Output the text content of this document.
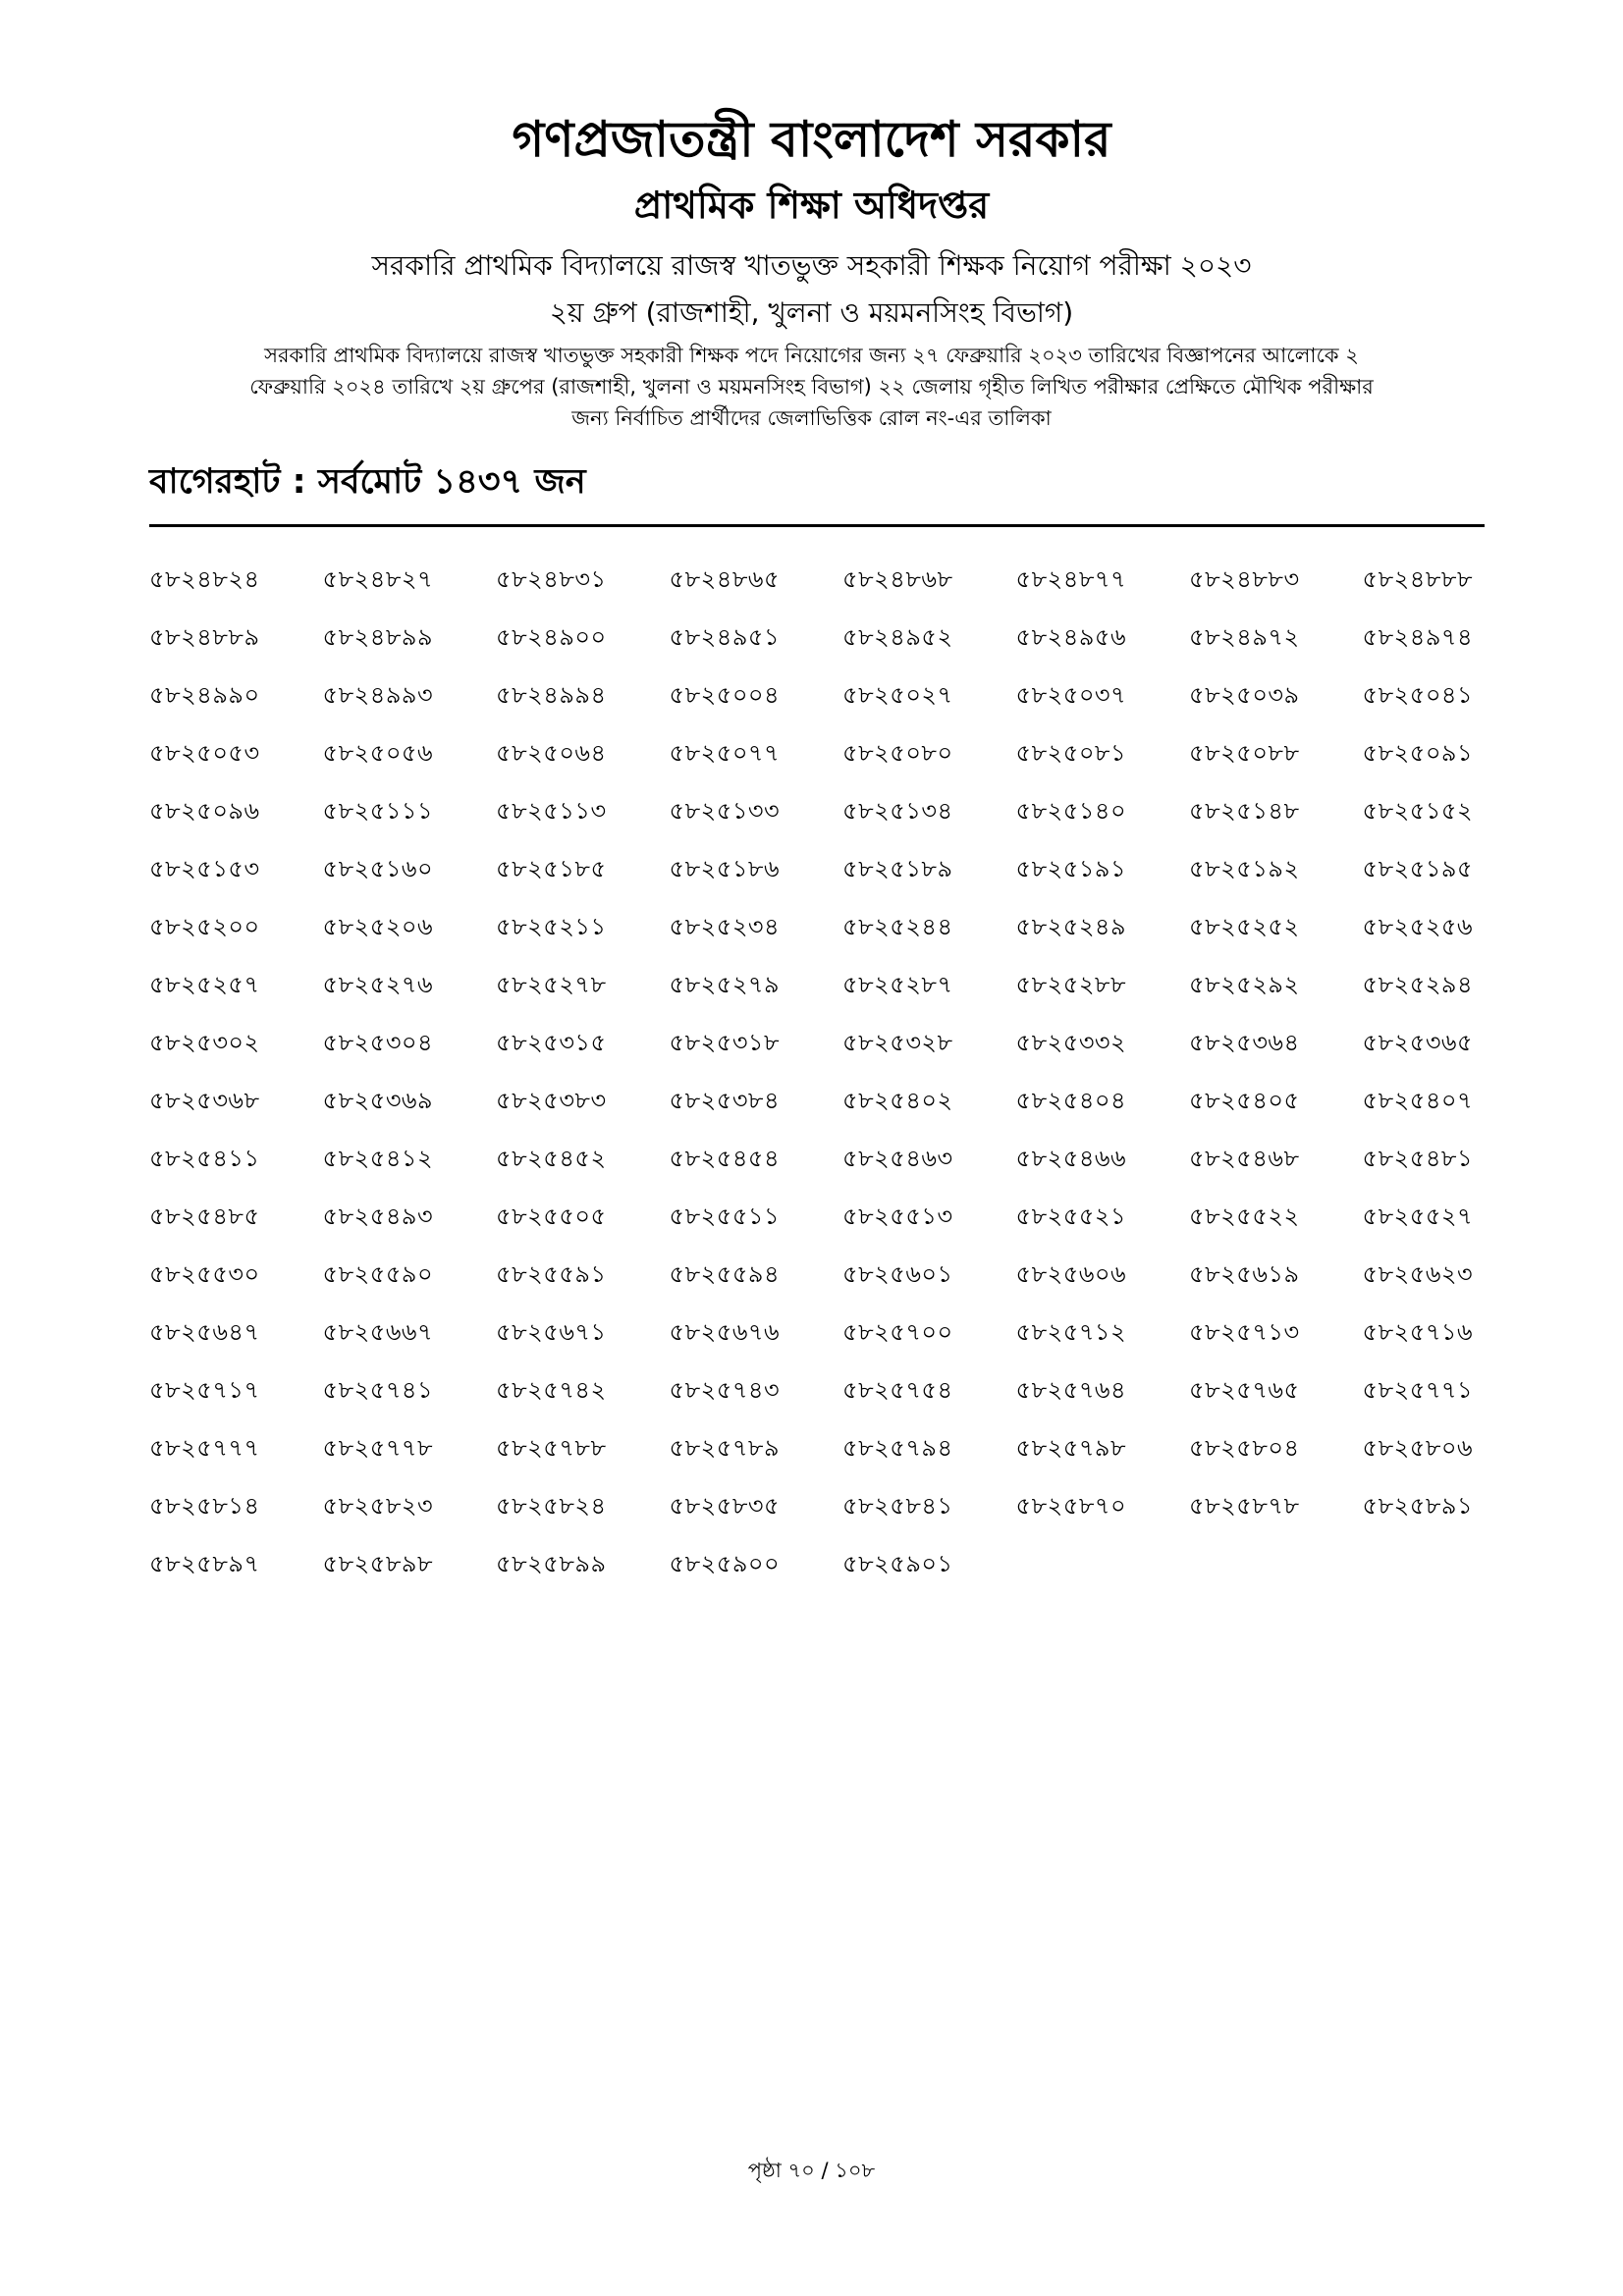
গণপ্রজাতন্ত্রী বাংলাদেশ সরকার
প্রাথমিক শিক্ষা অধিদপ্তর
সরকারি প্রাথমিক বিদ্যালয়ে রাজস্ব খাতভুক্ত সহকারী শিক্ষক নিয়োগ পরীক্ষা ২০২৩
২য় গ্রুপ (রাজশাহী, খুলনা ও ময়মনসিংহ বিভাগ)
সরকারি প্রাথমিক বিদ্যালয়ে রাজস্ব খাতভুক্ত সহকারী শিক্ষক পদে নিয়োগের জন্য ২৭ ফেব্রুয়ারি ২০২৩ তারিখের বিজ্ঞাপনের আলোকে ২
ফেব্রুয়ারি ২০২৪ তারিখে ২য় গ্রুপের (রাজশাহী, খুলনা ও ময়মনসিংহ বিভাগ) ২২ জেলায় গৃহীত লিখিত পরীক্ষার প্রেক্ষিতে মৌখিক পরীক্ষার
জন্য নির্বাচিত প্রার্থীদের জেলাভিত্তিক রোল নং-এর তালিকা
বাগেরহাট : সর্বমোট ১৪৩৭ জন
৫৮২৪৮২৪	৫৮২৪৮২৭	৫৮২৪৮৩১	৫৮২৪৮৬৫	৫৮২৪৮৬৮	৫৮২৪৮৭৭	৫৮২৪৮৮৩	৫৮২৪৮৮৮
৫৮২৪৮৮৯	৫৮২৪৮৯৯	৫৮২৪৯০০	৫৮২৪৯৫১	৫৮২৪৯৫২	৫৮২৪৯৫৬	৫৮২৪৯৭২	৫৮২৪৯৭৪
৫৮২৪৯৯০	৫৮২৪৯৯৩	৫৮২৪৯৯৪	৫৮২৫০০৪	৫৮২৫০২৭	৫৮২৫০৩৭	৫৮২৫০৩৯	৫৮২৫০৪১
৫৮২৫০৫৩	৫৮২৫০৫৬	৫৮২৫০৬৪	৫৮২৫০৭৭	৫৮২৫০৮০	৫৮২৫০৮১	৫৮২৫০৮৮	৫৮২৫০৯১
৫৮২৫০৯৬	৫৮২৫১১১	৫৮২৫১১৩	৫৮২৫১৩৩	৫৮২৫১৩৪	৫৮২৫১৪০	৫৮২৫১৪৮	৫৮২৫১৫২
৫৮২৫১৫৩	৫৮২৫১৬০	৫৮২৫১৮৫	৫৮২৫১৮৬	৫৮২৫১৮৯	৫৮২৫১৯১	৫৮২৫১৯২	৫৮২৫১৯৫
৫৮২৫২০০	৫৮২৫২০৬	৫৮২৫২১১	৫৮২৫২৩৪	৫৮২৫২৪৪	৫৮২৫২৪৯	৫৮২৫২৫২	৫৮২৫২৫৬
৫৮২৫২৫৭	৫৮২৫২৭৬	৫৮২৫২৭৮	৫৮২৫২৭৯	৫৮২৫২৮৭	৫৮২৫২৮৮	৫৮২৫২৯২	৫৮২৫২৯৪
৫৮২৫৩০২	৫৮২৫৩০৪	৫৮২৫৩১৫	৫৮২৫৩১৮	৫৮২৫৩২৮	৫৮২৫৩৩২	৫৮২৫৩৬৪	৫৮২৫৩৬৫
৫৮২৫৩৬৮	৫৮২৫৩৬৯	৫৮২৫৩৮৩	৫৮২৫৩৮৪	৫৮২৫৪০২	৫৮২৫৪০৪	৫৮২৫৪০৫	৫৮২৫৪০৭
৫৮২৫৪১১	৫৮২৫৪১২	৫৮২৫৪৫২	৫৮২৫৪৫৪	৫৮২৫৪৬৩	৫৮২৫৪৬৬	৫৮২৫৪৬৮	৫৮২৫৪৮১
৫৮২৫৪৮৫	৫৮২৫৪৯৩	৫৮২৫৫০৫	৫৮২৫৫১১	৫৮২৫৫১৩	৫৮২৫৫২১	৫৮২৫৫২২	৫৮২৫৫২৭
৫৮২৫৫৩০	৫৮২৫৫৯০	৫৮২৫৫৯১	৫৮২৫৫৯৪	৫৮২৫৬০১	৫৮২৫৬০৬	৫৮২৫৬১৯	৫৮২৫৬২৩
৫৮২৫৬৪৭	৫৮২৫৬৬৭	৫৮২৫৬৭১	৫৮২৫৬৭৬	৫৮২৫৭০০	৫৮২৫৭১২	৫৮২৫৭১৩	৫৮২৫৭১৬
৫৮২৫৭১৭	৫৮২৫৭৪১	৫৮২৫৭৪২	৫৮২৫৭৪৩	৫৮২৫৭৫৪	৫৮২৫৭৬৪	৫৮২৫৭৬৫	৫৮২৫৭৭১
৫৮২৫৭৭৭	৫৮২৫৭৭৮	৫৮২৫৭৮৮	৫৮২৫৭৮৯	৫৮২৫৭৯৪	৫৮২৫৭৯৮	৫৮২৫৮০৪	৫৮২৫৮০৬
৫৮২৫৮১৪	৫৮২৫৮২৩	৫৮২৫৮২৪	৫৮২৫৮৩৫	৫৮২৫৮৪১	৫৮২৫৮৭০	৫৮২৫৮৭৮	৫৮২৫৮৯১
৫৮২৫৮৯৭	৫৮২৫৮৯৮	৫৮২৫৮৯৯	৫৮২৫৯০০	৫৮২৫৯০১
পৃষ্ঠা ৭০ / ১০৮
